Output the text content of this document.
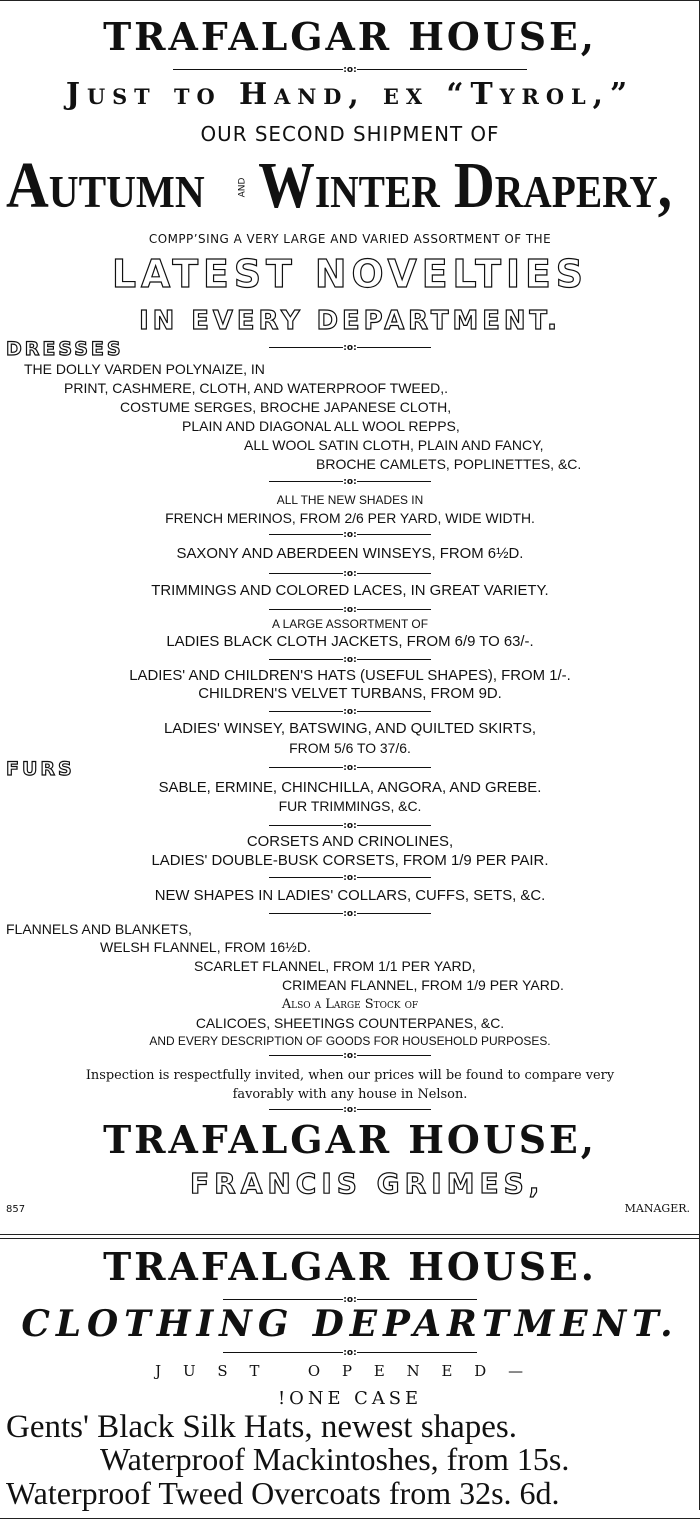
TRAFALGAR HOUSE,
:o:
Just to Hand, ex “Tyrol,”
OUR SECOND SHIPMENT OF
Autumn	AND Winter Drapery,
COMPP’SING A VERY LARGE AND VARIED ASSORTMENT OF THE
LATEST NOVELTIES
IN EVERY DEPARTMENT.
DRESSES	:o:
THE DOLLY VARDEN POLYNAIZE, IN
PRINT, CASHMERE, CLOTH, AND WATERPROOF TWEED,.
COSTUME SERGES, BROCHE JAPANESE CLOTH,
PLAIN AND DIAGONAL ALL WOOL REPPS,
ALL WOOL SATIN CLOTH, PLAIN AND FANCY,
BROCHE CAMLETS, POPLINETTES, &C.
:o:
ALL THE NEW SHADES IN
FRENCH MERINOS, FROM 2/6 PER YARD, WIDE WIDTH.
:o:
SAXONY AND ABERDEEN WINSEYS, FROM 6½D.
:o:
TRIMMINGS AND COLORED LACES, IN GREAT VARIETY.
:o:
A LARGE ASSORTMENT OF
LADIES BLACK CLOTH JACKETS, FROM 6/9 TO 63/-.
:o:
LADIES' AND CHILDREN'S HATS (USEFUL SHAPES), FROM 1/-.
CHILDREN'S VELVET TURBANS, FROM 9D.
:o:
LADIES' WINSEY, BATSWING, AND QUILTED SKIRTS,
FROM 5/6 TO 37/6.
FURS	:o:
SABLE, ERMINE, CHINCHILLA, ANGORA, AND GREBE.
FUR TRIMMINGS, &C.
:o:
CORSETS AND CRINOLINES,
LADIES' DOUBLE-BUSK CORSETS, FROM 1/9 PER PAIR.
:o:
NEW SHAPES IN LADIES' COLLARS, CUFFS, SETS, &C.
:o:
FLANNELS AND BLANKETS,
WELSH FLANNEL, FROM 16½D.
SCARLET FLANNEL, FROM 1/1 PER YARD,
CRIMEAN FLANNEL, FROM 1/9 PER YARD.
Also a Large Stock of
CALICOES, SHEETINGS COUNTERPANES, &C.
AND EVERY DESCRIPTION OF GOODS FOR HOUSEHOLD PURPOSES.
:o:
Inspection is respectfully invited, when our prices will be found to compare very
favorably with any house in Nelson.
:o:
TRAFALGAR HOUSE,
FRANCIS GRIMES,
857	MANAGER.
TRAFALGAR HOUSE.
:o:
CLOTHING DEPARTMENT.
:o:
JUST OPENED—
!ONE CASE
Gents' Black Silk Hats, newest shapes.
Waterproof Mackintoshes, from 15s.
Waterproof Tweed Overcoats from 32s. 6d.
